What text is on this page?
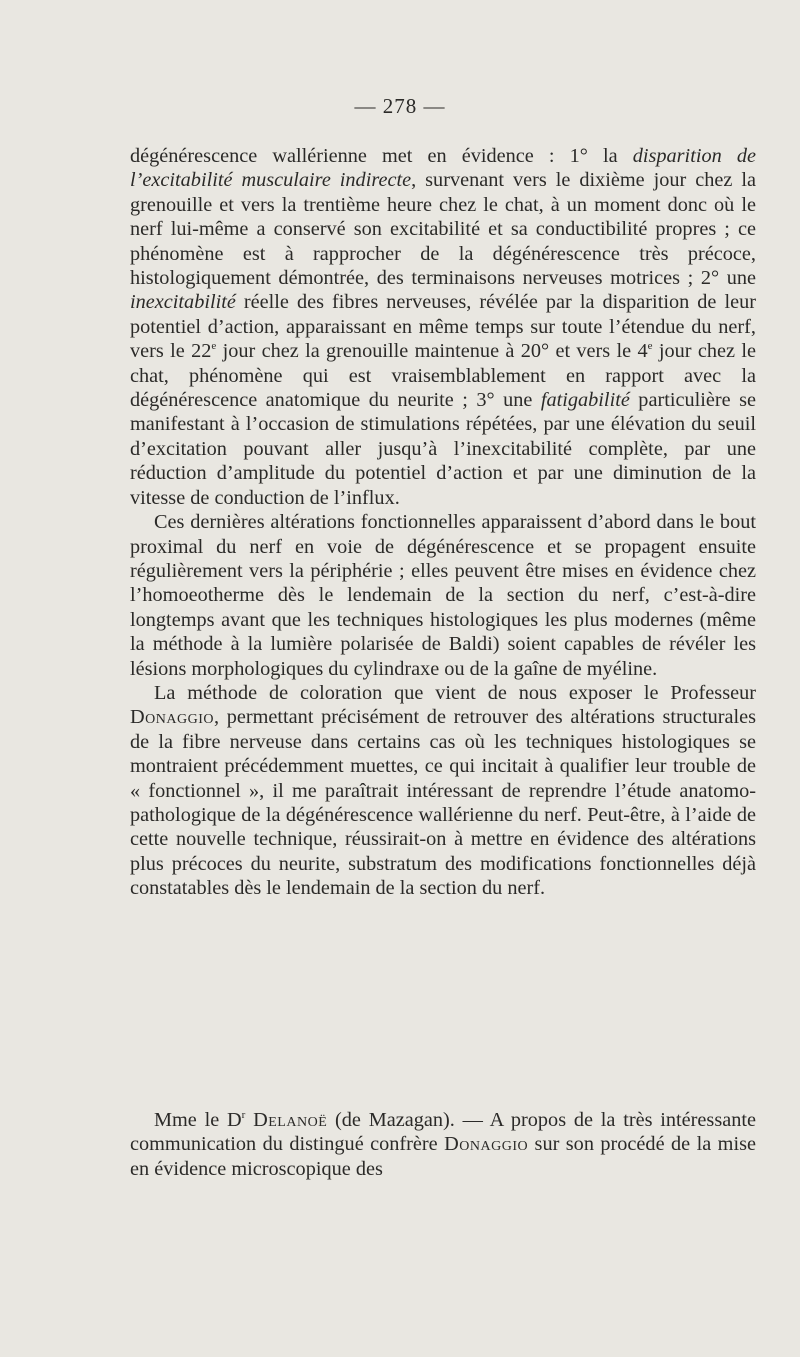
— 278 —

dégénérescence wallérienne met en évidence : 1° la disparition de l’excitabilité musculaire indirecte, survenant vers le dixième jour chez la grenouille et vers la trentième heure chez le chat, à un moment donc où le nerf lui-même a conservé son excitabilité et sa conductibilité propres ; ce phénomène est à rapprocher de la dégénérescence très précoce, histologiquement démontrée, des terminaisons nerveuses motrices ; 2° une inexcitabilité réelle des fibres nerveuses, révélée par la disparition de leur potentiel d’action, apparaissant en même temps sur toute l’étendue du nerf, vers le 22e jour chez la grenouille maintenue à 20° et vers le 4e jour chez le chat, phénomène qui est vraisemblablement en rapport avec la dégénérescence anatomique du neurite ; 3° une fatigabilité particulière se manifestant à l’occasion de stimulations répétées, par une élévation du seuil d’excitation pouvant aller jusqu’à l’inexcitabilité complète, par une réduction d’amplitude du potentiel d’action et par une diminution de la vitesse de conduction de l’influx.

Ces dernières altérations fonctionnelles apparaissent d’abord dans le bout proximal du nerf en voie de dégénérescence et se propagent ensuite régulièrement vers la périphérie ; elles peuvent être mises en évidence chez l’homoeotherme dès le lendemain de la section du nerf, c’est-à-dire longtemps avant que les techniques histologiques les plus modernes (même la méthode à la lumière polarisée de Baldi) soient capables de révéler les lésions morphologiques du cylindraxe ou de la gaîne de myéline.

La méthode de coloration que vient de nous exposer le Professeur Donaggio, permettant précisément de retrouver des altérations structurales de la fibre nerveuse dans certains cas où les techniques histologiques se montraient précédemment muettes, ce qui incitait à qualifier leur trouble de « fonctionnel », il me paraîtrait intéressant de reprendre l’étude anatomo-pathologique de la dégénérescence wallérienne du nerf. Peut-être, à l’aide de cette nouvelle technique, réussirait-on à mettre en évidence des altérations plus précoces du neurite, substratum des modifications fonctionnelles déjà constatables dès le lendemain de la section du nerf.

Mme le $D^r$ Delanoë (de Mazagan). — A propos de la très intéressante communication du distingué confrère Donaggio sur son procédé de la mise en évidence microscopique des
